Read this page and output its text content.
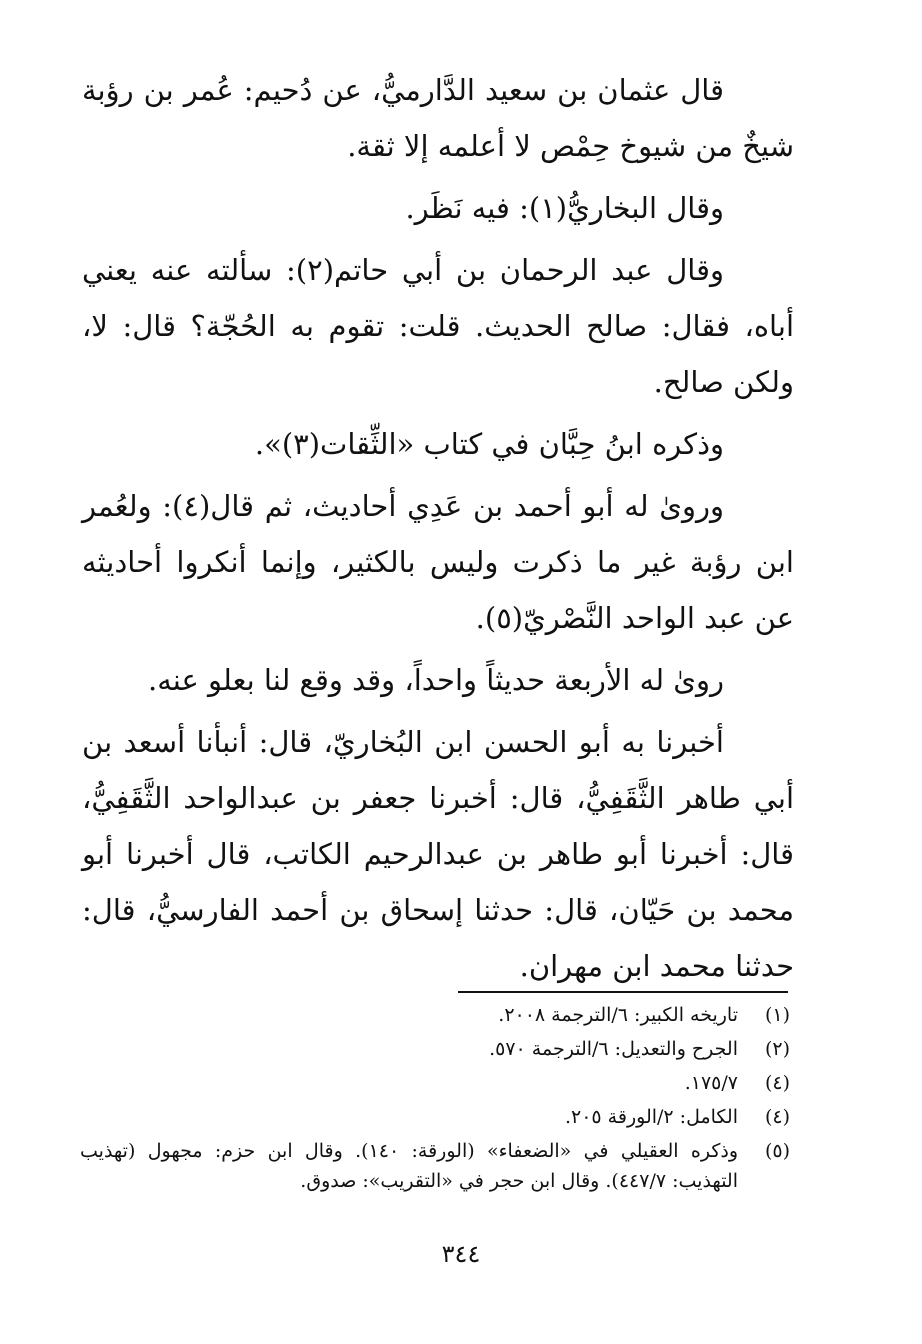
قال عثمان بن سعيد الدَّارميُّ، عن دُحيم: عُمر بن رؤبة شيخٌ من شيوخ حِمْص لا أعلمه إلا ثقة.

وقال البخاريُّ(١): فيه نَظَر.

وقال عبد الرحمان بن أبي حاتم(٢): سألته عنه يعني أباه، فقال: صالح الحديث. قلت: تقوم به الحُجّة؟ قال: لا، ولكن صالح.

وذكره ابنُ حِبَّان في كتاب «الثِّقات(٣)».

وروىٰ له أبو أحمد بن عَدِي أحاديث، ثم قال(٤): ولعُمر ابن رؤبة غير ما ذكرت وليس بالكثير، وإنما أنكروا أحاديثه عن عبد الواحد النَّصْريّ(٥).

روىٰ له الأربعة حديثاً واحداً، وقد وقع لنا بعلو عنه.

أخبرنا به أبو الحسن ابن البُخاريّ، قال: أنبأنا أسعد بن أبي طاهر الثَّقَفِيُّ، قال: أخبرنا جعفر بن عبدالواحد الثَّقَفِيُّ، قال: أخبرنا أبو طاهر بن عبدالرحيم الكاتب، قال أخبرنا أبو محمد بن حَيّان، قال: حدثنا إسحاق بن أحمد الفارسيُّ، قال: حدثنا محمد ابن مهران.

(١)
تاريخه الكبير: ٦/الترجمة ٢٠٠٨.
(٢)
الجرح والتعديل: ٦/الترجمة ٥٧٠.
(٤)
١٧٥/٧.
(٤)
الكامل: ٢/الورقة ٢٠٥.
(٥)
وذكره العقيلي في «الضعفاء» (الورقة: ١٤٠). وقال ابن حزم: مجهول (تهذيب التهذيب: ٤٤٧/٧). وقال ابن حجر في «التقريب»: صدوق.
٣٤٤
